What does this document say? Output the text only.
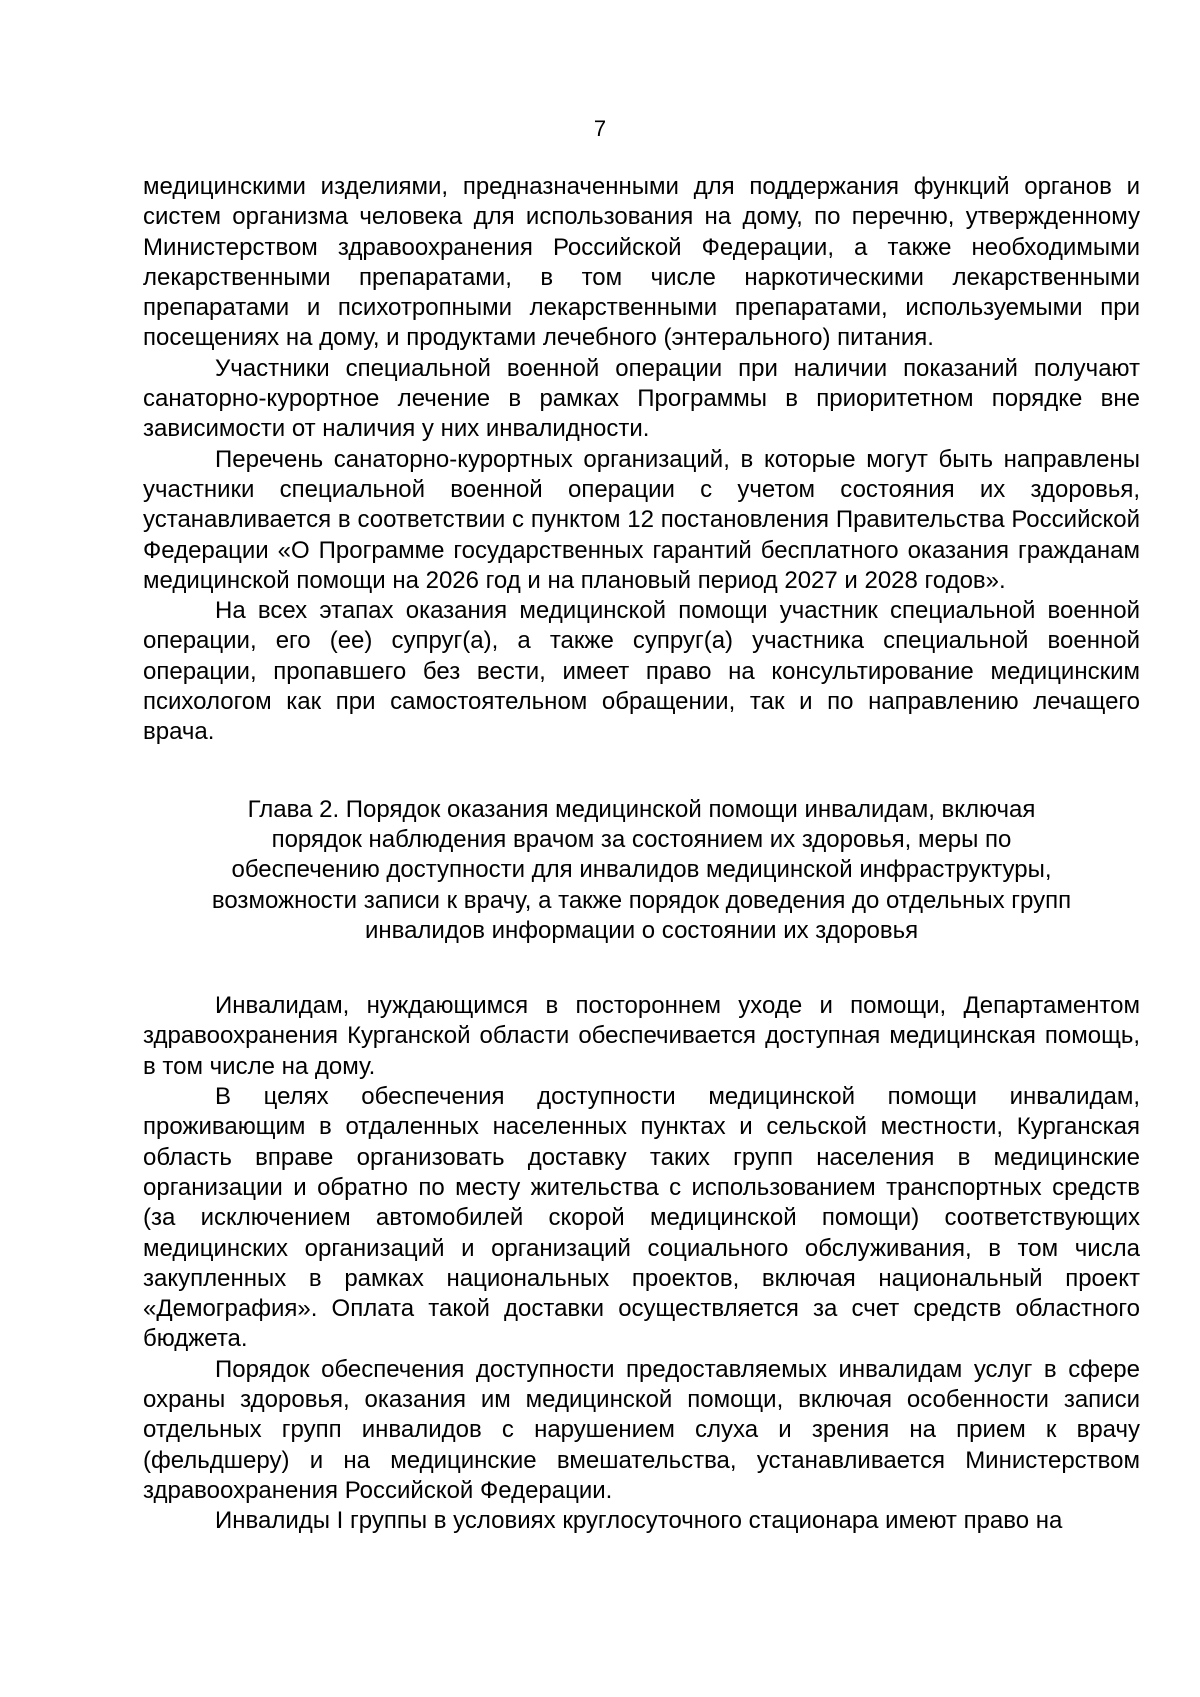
7

медицинскими изделиями, предназначенными для поддержания функций органов и систем организма человека для использования на дому, по перечню, утвержденному Министерством здравоохранения Российской Федерации, а также необходимыми лекарственными препаратами, в том числе наркотическими лекарственными препаратами и психотропными лекарственными препаратами, используемыми при посещениях на дому, и продуктами лечебного (энтерального) питания.

Участники специальной военной операции при наличии показаний получают санаторно-курортное лечение в рамках Программы в приоритетном порядке вне зависимости от наличия у них инвалидности.

Перечень санаторно-курортных организаций, в которые могут быть направлены участники специальной военной операции с учетом состояния их здоровья, устанавливается в соответствии с пунктом 12 постановления Правительства Российской Федерации «О Программе государственных гарантий бесплатного оказания гражданам медицинской помощи на 2026 год и на плановый период 2027 и 2028 годов».

На всех этапах оказания медицинской помощи участник специальной военной операции, его (ее) супруг(а), а также супруг(а) участника специальной военной операции, пропавшего без вести, имеет право на консультирование медицинским психологом как при самостоятельном обращении, так и по направлению лечащего врача.

Глава 2. Порядок оказания медицинской помощи инвалидам, включая
порядок наблюдения врачом за состоянием их здоровья, меры по
обеспечению доступности для инвалидов медицинской инфраструктуры,
возможности записи к врачу, а также порядок доведения до отдельных групп
инвалидов информации о состоянии их здоровья

Инвалидам, нуждающимся в постороннем уходе и помощи, Департаментом здравоохранения Курганской области обеспечивается доступная медицинская помощь, в том числе на дому.

В целях обеспечения доступности медицинской помощи инвалидам, проживающим в отдаленных населенных пунктах и сельской местности, Курганская область вправе организовать доставку таких групп населения в медицинские организации и обратно по месту жительства с использованием транспортных средств (за исключением автомобилей скорой медицинской помощи) соответствующих медицинских организаций и организаций социального обслуживания, в том числа закупленных в рамках национальных проектов, включая национальный проект «Демография». Оплата такой доставки осуществляется за счет средств областного бюджета.

Порядок обеспечения доступности предоставляемых инвалидам услуг в сфере охраны здоровья, оказания им медицинской помощи, включая особенности записи отдельных групп инвалидов с нарушением слуха и зрения на прием к врачу (фельдшеру) и на медицинские вмешательства, устанавливается Министерством здравоохранения Российской Федерации.

Инвалиды I группы в условиях круглосуточного стационара имеют право на
